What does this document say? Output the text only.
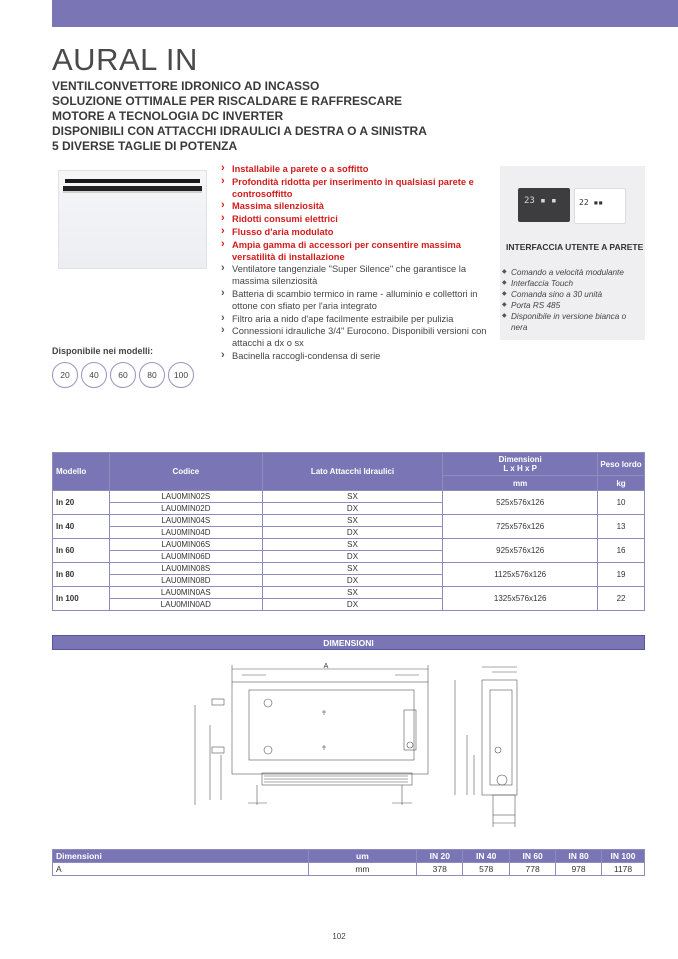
AURAL IN
VENTILCONVETTORE IDRONICO AD INCASSO
SOLUZIONE OTTIMALE PER RISCALDARE E RAFFRESCARE
MOTORE A TECNOLOGIA DC INVERTER
DISPONIBILI CON ATTACCHI IDRAULICI A DESTRA O A SINISTRA
5 DIVERSE TAGLIE DI POTENZA
Disponibile nei modelli:
20	40	60	80	100
› Installabile a parete o a soffitto
› Profondità ridotta per inserimento in qualsiasi parete e controsoffitto
› Massima silenziosità
› Ridotti consumi elettrici
› Flusso d'aria modulato
› Ampia gamma di accessori per consentire massima versatilità di installazione
› Ventilatore tangenziale "Super Silence" che garantisce la massima silenziosità
› Batteria di scambio termico in rame - alluminio e collettori in ottone con sfiato per l'aria integrato
› Filtro aria a nido d'ape facilmente estraibile per pulizia
› Connessioni idrauliche 3/4" Eurocono. Disponibili versioni con attacchi a dx o sx
› Bacinella raccogli-condensa di serie
23 ▪ ▪	22 ▪▪
INTERFACCIA UTENTE A PARETE
◆ Comando a velocità modulante
◆ Interfaccia Touch
◆ Comanda sino a 30 unità
◆ Porta RS 485
◆ Disponibile in versione bianca o nera
Modello	Codice	Lato Attacchi Idraulici	Dimensioni
L x H x P	Peso lordo
			mm	kg
In 20	LAU0MIN02S	SX	525x576x126	10
	LAU0MIN02D	DX		
In 40	LAU0MIN04S	SX	725x576x126	13
	LAU0MIN04D	DX		
In 60	LAU0MIN06S	SX	925x576x126	16
	LAU0MIN06D	DX		
In 80	LAU0MIN08S	SX	1125x576x126	19
	LAU0MIN08D	DX		
In 100	LAU0MIN0AS	SX	1325x576x126	22
	LAU0MIN0AD	DX		
DIMENSIONI
A
Dimensioni	um	IN 20	IN 40	IN 60	IN 80	IN 100
A	mm	378	578	778	978	1178
102
